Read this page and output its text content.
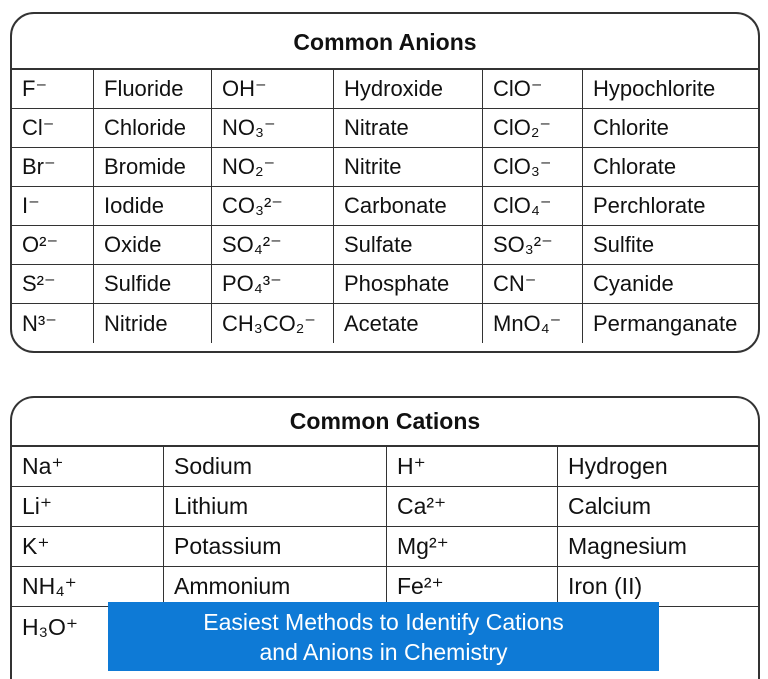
Common Anions
F⁻	Fluoride	OH⁻	Hydroxide	ClO⁻	Hypochlorite
Cl⁻	Chloride	NO₃⁻	Nitrate	ClO₂⁻	Chlorite
Br⁻	Bromide	NO₂⁻	Nitrite	ClO₃⁻	Chlorate
I⁻	Iodide	CO₃²⁻	Carbonate	ClO₄⁻	Perchlorate
O²⁻	Oxide	SO₄²⁻	Sulfate	SO₃²⁻	Sulfite
S²⁻	Sulfide	PO₄³⁻	Phosphate	CN⁻	Cyanide
N³⁻	Nitride	CH₃CO₂⁻	Acetate	MnO₄⁻	Permanganate
Common Cations
Na⁺	Sodium	H⁺	Hydrogen
Li⁺	Lithium	Ca²⁺	Calcium
K⁺	Potassium	Mg²⁺	Magnesium
NH₄⁺	Ammonium	Fe²⁺	Iron (II)
H₃O⁺	Easiest Methods to Identify Cations
and Anions in Chemistry
